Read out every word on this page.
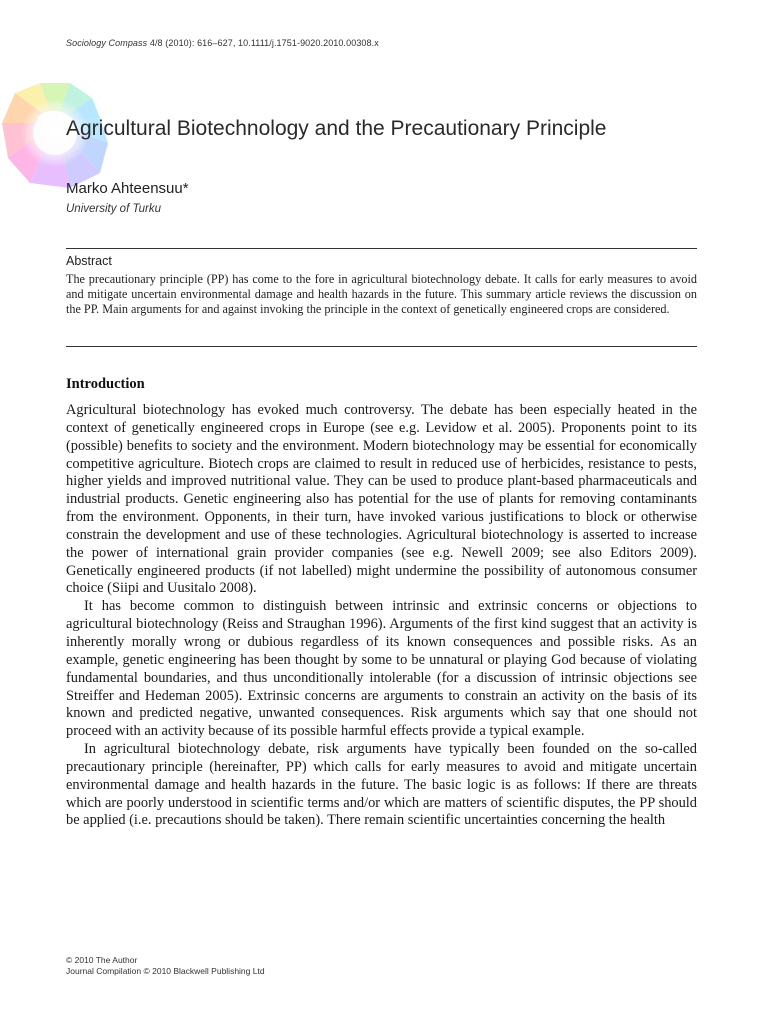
Sociology Compass 4/8 (2010): 616–627, 10.1111/j.1751-9020.2010.00308.x
Agricultural Biotechnology and the Precautionary Principle
Marko Ahteensuu*
University of Turku
Abstract

The precautionary principle (PP) has come to the fore in agricultural biotechnology debate. It calls for early measures to avoid and mitigate uncertain environmental damage and health hazards in the future. This summary article reviews the discussion on the PP. Main arguments for and against invoking the principle in the context of genetically engineered crops are considered.

Introduction

Agricultural biotechnology has evoked much controversy. The debate has been especially heated in the context of genetically engineered crops in Europe (see e.g. Levidow et al. 2005). Proponents point to its (possible) benefits to society and the environment. Modern biotechnology may be essential for economically competitive agriculture. Biotech crops are claimed to result in reduced use of herbicides, resistance to pests, higher yields and improved nutritional value. They can be used to produce plant-based pharmaceuticals and industrial products. Genetic engineering also has potential for the use of plants for removing contaminants from the environment. Opponents, in their turn, have invoked various justifications to block or otherwise constrain the development and use of these technologies. Agricultural biotechnology is asserted to increase the power of international grain provider companies (see e.g. Newell 2009; see also Editors 2009). Genetically engineered products (if not labelled) might undermine the possibility of autonomous consumer choice (Siipi and Uusitalo 2008).

It has become common to distinguish between intrinsic and extrinsic concerns or objections to agricultural biotechnology (Reiss and Straughan 1996). Arguments of the first kind suggest that an activity is inherently morally wrong or dubious regardless of its known consequences and possible risks. As an example, genetic engineering has been thought by some to be unnatural or playing God because of violating fundamental boundaries, and thus unconditionally intolerable (for a discussion of intrinsic objections see Streiffer and Hedeman 2005). Extrinsic concerns are arguments to constrain an activity on the basis of its known and predicted negative, unwanted consequences. Risk arguments which say that one should not proceed with an activity because of its possible harmful effects provide a typical example.

In agricultural biotechnology debate, risk arguments have typically been founded on the so-called precautionary principle (hereinafter, PP) which calls for early measures to avoid and mitigate uncertain environmental damage and health hazards in the future. The basic logic is as follows: If there are threats which are poorly understood in scientific terms and/or which are matters of scientific disputes, the PP should be applied (i.e. precautions should be taken). There remain scientific uncertainties concerning the health

© 2010 The Author
Journal Compilation © 2010 Blackwell Publishing Ltd
